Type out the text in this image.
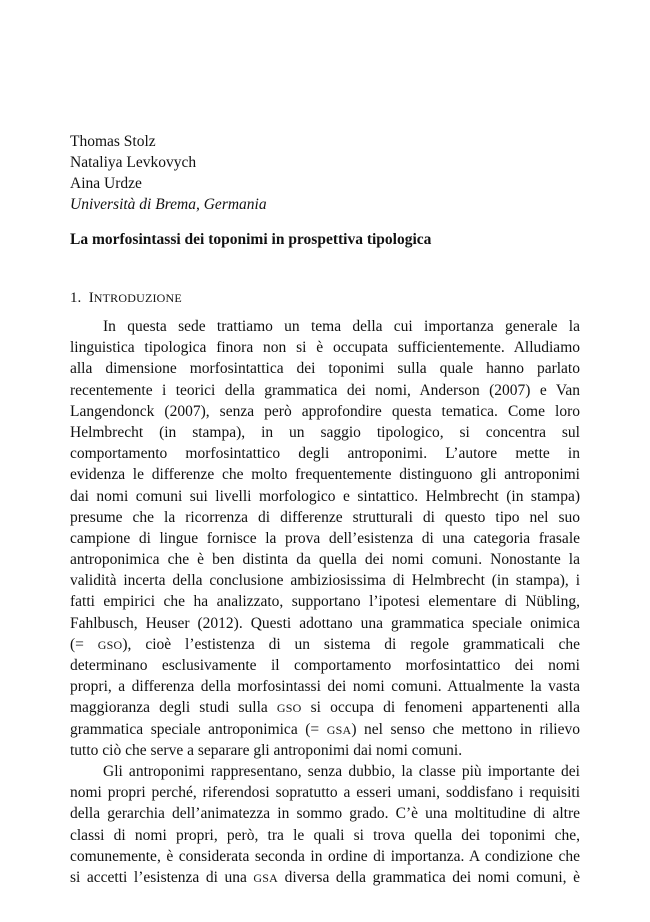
Thomas Stolz
Nataliya Levkovych
Aina Urdze
Università di Brema, Germania
La morfosintassi dei toponimi in prospettiva tipologica
1. INTRODUZIONE
In questa sede trattiamo un tema della cui importanza generale la
linguistica tipologica finora non si è occupata sufficientemente. Alludiamo
alla dimensione morfosintattica dei toponimi sulla quale hanno parlato
recentemente i teorici della grammatica dei nomi, Anderson (2007) e Van
Langendonck (2007), senza però approfondire questa tematica. Come loro
Helmbrecht (in stampa), in un saggio tipologico, si concentra sul
comportamento morfosintattico degli antroponimi. L’autore mette in
evidenza le differenze che molto frequentemente distinguono gli antroponimi
dai nomi comuni sui livelli morfologico e sintattico. Helmbrecht (in stampa)
presume che la ricorrenza di differenze strutturali di questo tipo nel suo
campione di lingue fornisce la prova dell’esistenza di una categoria frasale
antroponimica che è ben distinta da quella dei nomi comuni. Nonostante la
validità incerta della conclusione ambiziosissima di Helmbrecht (in stampa), i
fatti empirici che ha analizzato, supportano l’ipotesi elementare di Nübling,
Fahlbusch, Heuser (2012). Questi adottano una grammatica speciale onimica
(= GSO), cioè l’estistenza di un sistema di regole grammaticali che
determinano esclusivamente il comportamento morfosintattico dei nomi
propri, a differenza della morfosintassi dei nomi comuni. Attualmente la vasta
maggioranza degli studi sulla GSO si occupa di fenomeni appartenenti alla
grammatica speciale antroponimica (= GSA) nel senso che mettono in rilievo
tutto ciò che serve a separare gli antroponimi dai nomi comuni.
Gli antroponimi rappresentano, senza dubbio, la classe più importante dei
nomi propri perché, riferendosi sopratutto a esseri umani, soddisfano i requisiti
della gerarchia dell’animatezza in sommo grado. C’è una moltitudine di altre
classi di nomi propri, però, tra le quali si trova quella dei toponimi che,
comunemente, è considerata seconda in ordine di importanza. A condizione che
si accetti l’esistenza di una GSA diversa della grammatica dei nomi comuni, è
